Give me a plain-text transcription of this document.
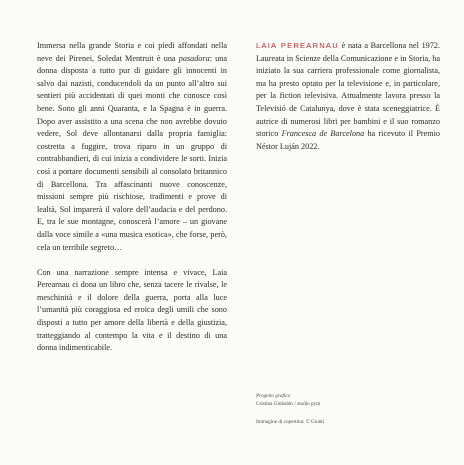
Immersa nella grande Storia e coi piedi affondati nella neve dei Pirenei, Soledat Mentruit è una pasadora: una donna disposta a tutto pur di guidare gli innocenti in salvo dai nazisti, conducendoli da un punto all’altro sui sentieri più accidentati di quei monti che conosce così bene. Sono gli anni Quaranta, e la Spagna è in guerra. Dopo aver assistito a una scena che non avrebbe dovuto vedere, Sol deve allontanarsi dalla propria famiglia: costretta a fuggire, trova riparo in un gruppo di contrabbandieri, di cui inizia a condividere le sorti. Inizia così a portare documenti sensibili al consolato britannico di Barcellona. Tra affascinanti nuove conoscenze, missioni sempre più rischiose, tradimenti e prove di lealtà, Sol imparerà il valore dell’audacia e del perdono. E, tra le sue montagne, conoscerà l’amore – un giovane dalla voce simile a «una musica esotica», che forse, però, cela un terribile segreto…

Con una narrazione sempre intensa e vivace, Laia Perearnau ci dona un libro che, senza tacere le rivalse, le meschinità e il dolore della guerra, porta alla luce l’umanità più coraggiosa ed eroica degli umili che sono disposti a tutto per amore della libertà e della giustizia, tratteggiando al contempo la vita e il destino di una donna indimenticabile.

LAIA PEREARNAU è nata a Barcellona nel 1972. Laureata in Scienze della Comunicazione e in Storia, ha iniziato la sua carriera professionale come giornalista, ma ha presto optato per la televisione e, in particolare, per la fiction televisiva. Attualmente lavora presso la Televisió de Catalunya, dove è stata sceneggiatrice. È autrice di numerosi libri per bambini e il suo romanzo storico Francesca de Barcelona ha ricevuto il Premio Néstor Luján 2022.

Progetto grafico

Cristina Giubaldo / studio pym

Immagine di copertina: © Giunti
